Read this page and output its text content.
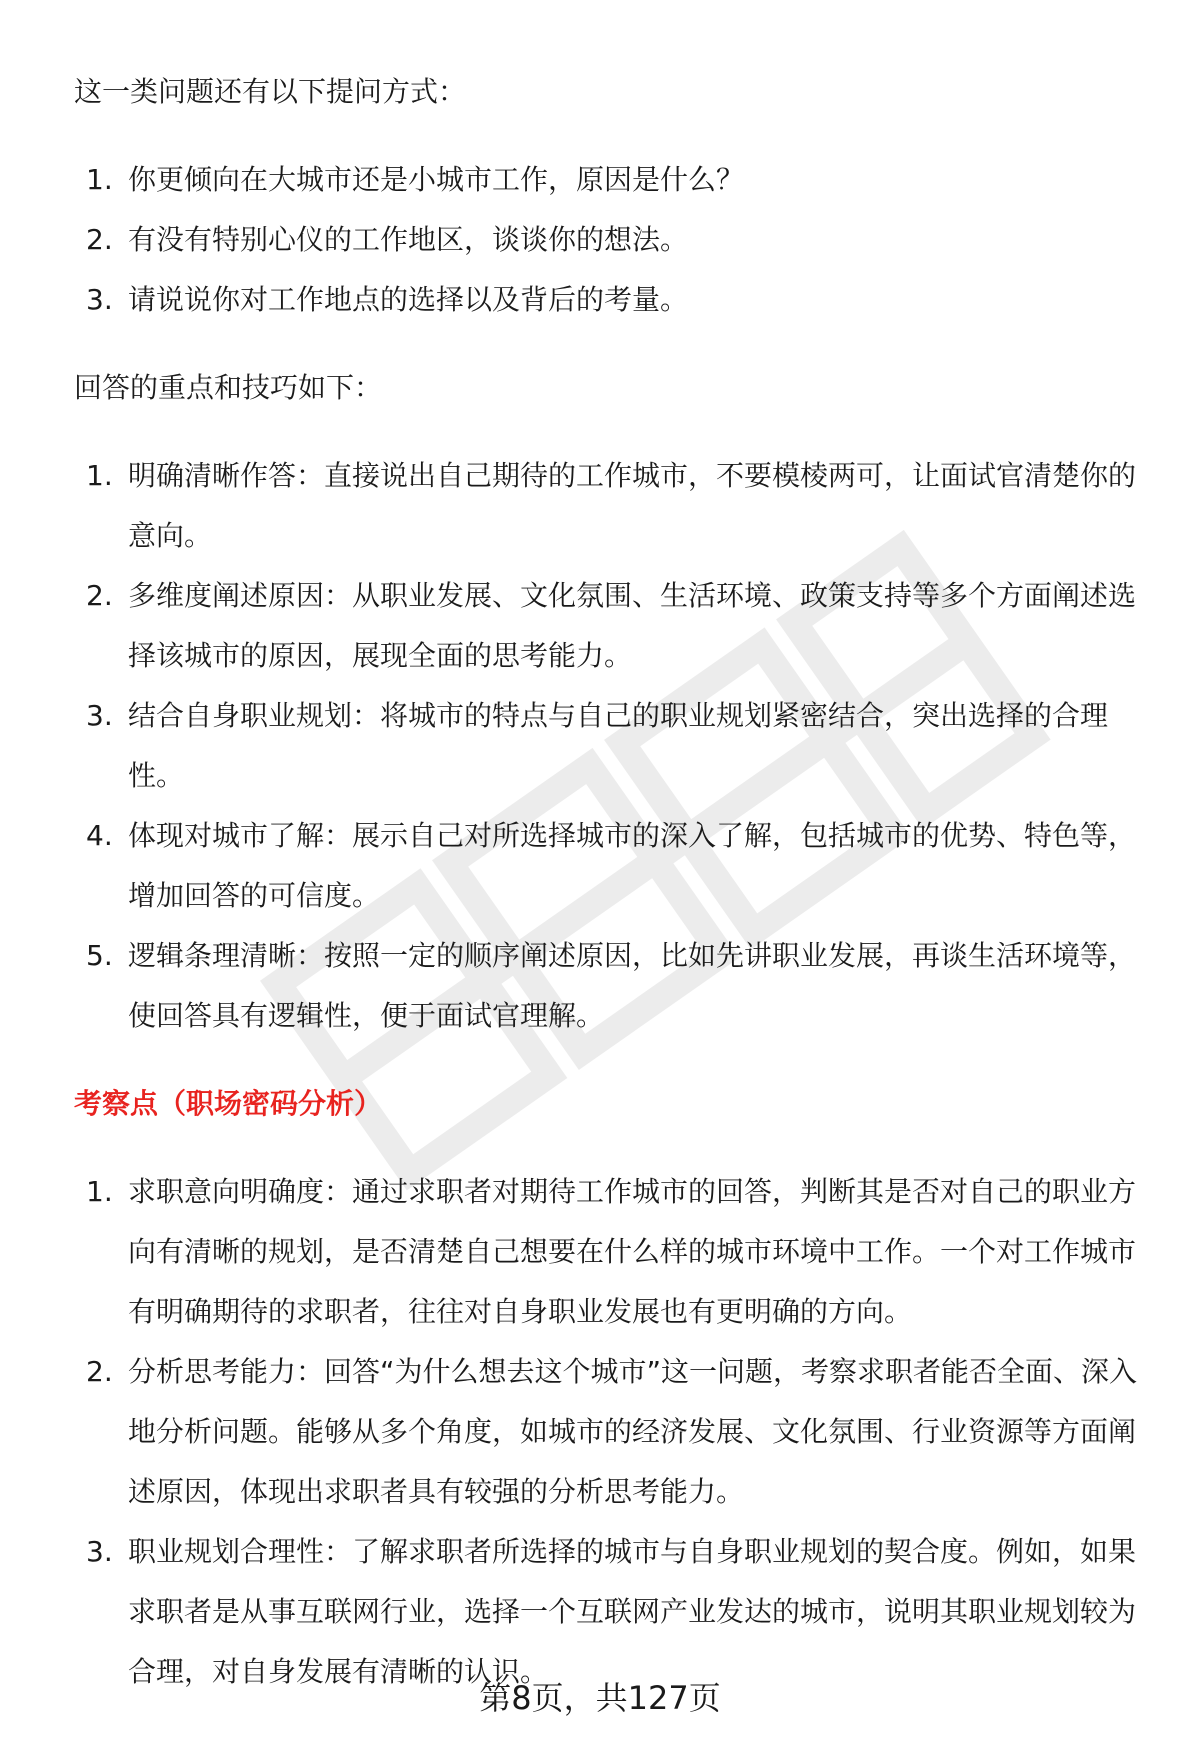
这一类问题还有以下提问方式：

1. 你更倾向在大城市还是小城市工作，原因是什么？
2. 有没有特别心仪的工作地区，谈谈你的想法。
3. 请说说你对工作地点的选择以及背后的考量。

回答的重点和技巧如下：

1. 明确清晰作答：直接说出自己期待的工作城市，不要模棱两可，让面试官清楚你的意向。
2. 多维度阐述原因：从职业发展、文化氛围、生活环境、政策支持等多个方面阐述选择该城市的原因，展现全面的思考能力。
3. 结合自身职业规划：将城市的特点与自己的职业规划紧密结合，突出选择的合理性。
4. 体现对城市了解：展示自己对所选择城市的深入了解，包括城市的优势、特色等，增加回答的可信度。
5. 逻辑条理清晰：按照一定的顺序阐述原因，比如先讲职业发展，再谈生活环境等，使回答具有逻辑性，便于面试官理解。

考察点（职场密码分析）

1. 求职意向明确度：通过求职者对期待工作城市的回答，判断其是否对自己的职业方向有清晰的规划，是否清楚自己想要在什么样的城市环境中工作。一个对工作城市有明确期待的求职者，往往对自身职业发展也有更明确的方向。
2. 分析思考能力：回答“为什么想去这个城市”这一问题，考察求职者能否全面、深入地分析问题。能够从多个角度，如城市的经济发展、文化氛围、行业资源等方面阐述原因，体现出求职者具有较强的分析思考能力。
3. 职业规划合理性：了解求职者所选择的城市与自身职业规划的契合度。例如，如果求职者是从事互联网行业，选择一个互联网产业发达的城市，说明其职业规划较为合理，对自身发展有清晰的认识。
第8页，共127页
